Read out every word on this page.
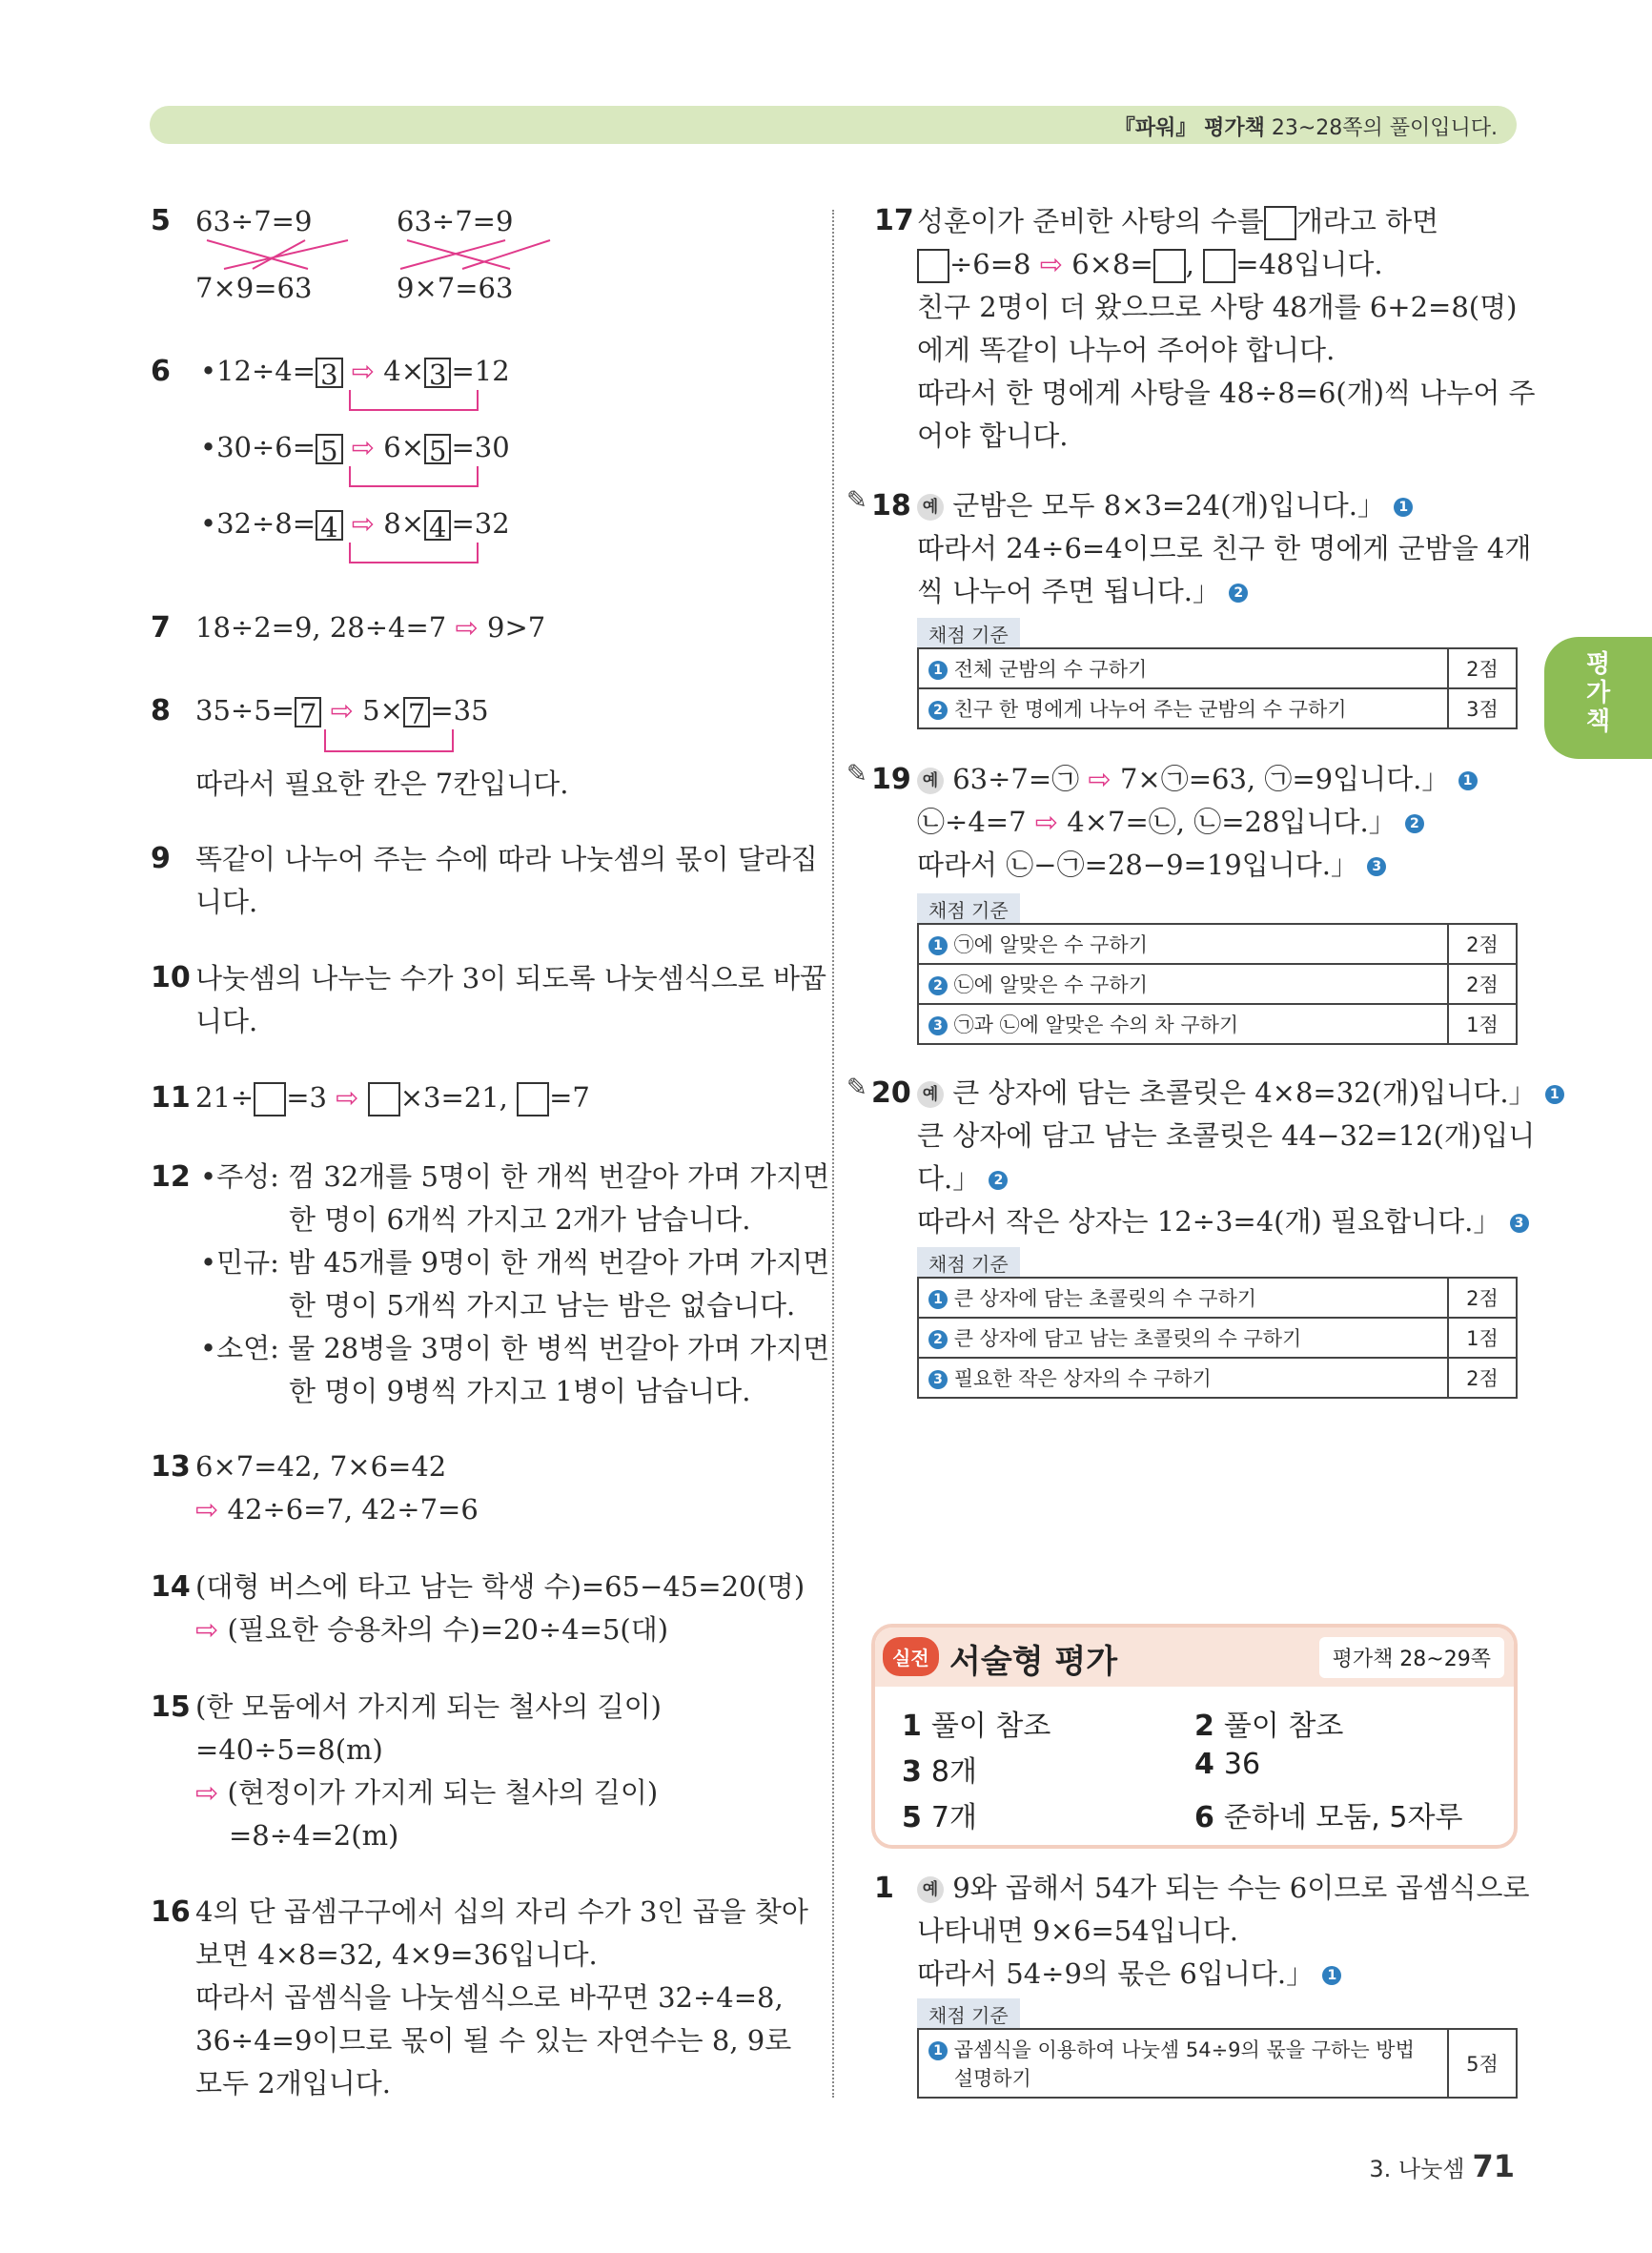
『파워』 평가책 23~28쪽의 풀이입니다.
평
가
책
5 63÷7=9
7×9=63
63÷7=9
9×7=63
6 •12÷4= 3 ⇨ 4× 3 =12
•30÷6= 5 ⇨ 6× 5 =30
•32÷8= 4 ⇨ 8× 4 =32
7 18÷2=9, 28÷4=7 ⇨ 9>7
8 35÷5= 7 ⇨ 5× 7 =35
따라서 필요한 칸은 7칸입니다.
9 똑같이 나누어 주는 수에 따라 나눗셈의 몫이 달라집
니다.
10 나눗셈의 나누는 수가 3이 되도록 나눗셈식으로 바꿉
니다.
11 21÷ =3 ⇨ ×3=21, =7
12 •주성: 껌 32개를 5명이 한 개씩 번갈아 가며 가지면
한 명이 6개씩 가지고 2개가 남습니다.
•민규: 밤 45개를 9명이 한 개씩 번갈아 가며 가지면
한 명이 5개씩 가지고 남는 밤은 없습니다.
•소연: 물 28병을 3명이 한 병씩 번갈아 가며 가지면
한 명이 9병씩 가지고 1병이 남습니다.
13 6×7=42, 7×6=42
⇨ 42÷6=7, 42÷7=6
14 (대형 버스에 타고 남는 학생 수)=65−45=20(명)
⇨ (필요한 승용차의 수)=20÷4=5(대)
15 (한 모둠에서 가지게 되는 철사의 길이)
=40÷5=8(m)
⇨ (현정이가 가지게 되는 철사의 길이)
=8÷4=2(m)
16 4의 단 곱셈구구에서 십의 자리 수가 3인 곱을 찾아
보면 4×8=32, 4×9=36입니다.
따라서 곱셈식을 나눗셈식으로 바꾸면 32÷4=8,
36÷4=9이므로 몫이 될 수 있는 자연수는 8, 9로
모두 2개입니다.
17 성훈이가 준비한 사탕의 수를 개라고 하면
÷6=8 ⇨ 6×8= , =48입니다.
친구 2명이 더 왔으므로 사탕 48개를 6+2=8(명)
에게 똑같이 나누어 주어야 합니다.
따라서 한 명에게 사탕을 48÷8=6(개)씩 나누어 주
어야 합니다.
✎ 18 예 군밤은 모두 8×3=24(개)입니다.」 1
따라서 24÷6=4이므로 친구 한 명에게 군밤을 4개
씩 나누어 주면 됩니다.」 2
채점 기준
1 전체 군밤의 수 구하기	2점
2 친구 한 명에게 나누어 주는 군밤의 수 구하기	3점
✎ 19 예 63÷7=㉠ ⇨ 7×㉠=63, ㉠=9입니다.」 1
㉡÷4=7 ⇨ 4×7=㉡, ㉡=28입니다.」 2
따라서 ㉡−㉠=28−9=19입니다.」 3
채점 기준
1 ㉠에 알맞은 수 구하기	2점
2 ㉡에 알맞은 수 구하기	2점
3 ㉠과 ㉡에 알맞은 수의 차 구하기	1점
✎ 20 예 큰 상자에 담는 초콜릿은 4×8=32(개)입니다.」 1
큰 상자에 담고 남는 초콜릿은 44−32=12(개)입니
다.」 2
따라서 작은 상자는 12÷3=4(개) 필요합니다.」 3
채점 기준
1 큰 상자에 담는 초콜릿의 수 구하기	2점
2 큰 상자에 담고 남는 초콜릿의 수 구하기	1점
3 필요한 작은 상자의 수 구하기	2점
실전 서술형 평가	평가책 28~29쪽
1 풀이 참조	2 풀이 참조
3 8개	4 36
5 7개	6 준하네 모둠, 5자루
1	예 9와 곱해서 54가 되는 수는 6이므로 곱셈식으로
나타내면 9×6=54입니다.
따라서 54÷9의 몫은 6입니다.」 1
채점 기준
1 곱셈식을 이용하여 나눗셈 54÷9의 몫을 구하는 방법
설명하기	5점
3. 나눗셈 71
